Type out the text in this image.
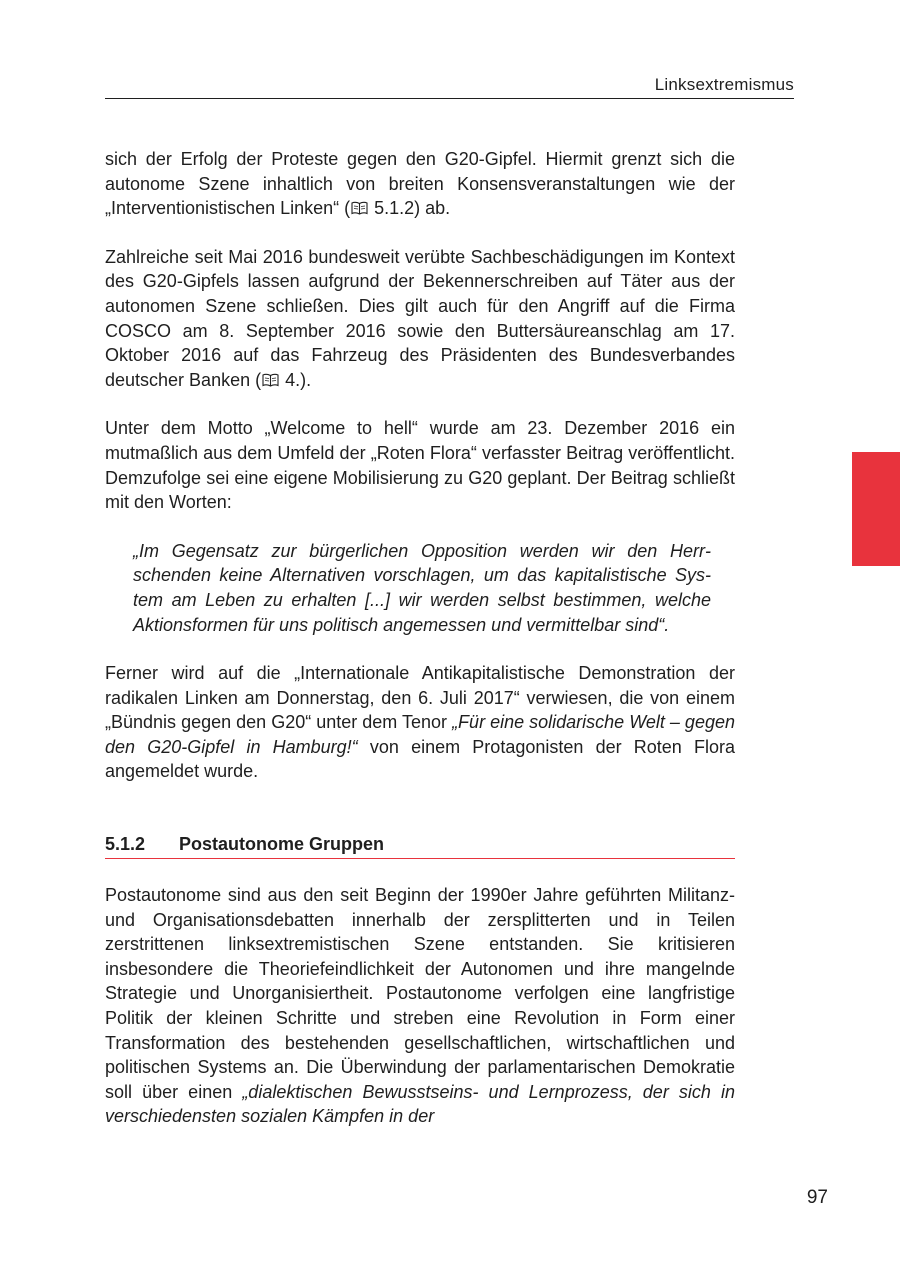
Linksextremismus

sich der Erfolg der Proteste gegen den G20-Gipfel. Hiermit grenzt sich die autonome Szene inhaltlich von breiten Konsensveranstaltungen wie der „Interventionistischen Linken“ ( 5.1.2) ab.

Zahlreiche seit Mai 2016 bundesweit verübte Sachbeschädigungen im Kontext des G20-Gipfels lassen aufgrund der Bekennerschreiben auf Täter aus der autonomen Szene schließen. Dies gilt auch für den Angriff auf die Firma COSCO am 8. September 2016 sowie den Buttersäureanschlag am 17. Oktober 2016 auf das Fahrzeug des Präsidenten des Bundesverbandes deutscher Banken ( 4.).

Unter dem Motto „Welcome to hell“ wurde am 23. Dezember 2016 ein mutmaßlich aus dem Umfeld der „Roten Flora“ verfasster Beitrag veröffentlicht. Demzufolge sei eine eigene Mobilisierung zu G20 geplant. Der Beitrag schließt mit den Worten:

„Im Gegensatz zur bürgerlichen Opposition werden wir den Herrschenden keine Alternativen vorschlagen, um das kapitalistische System am Leben zu erhalten [...] wir werden selbst bestimmen, welche Aktionsformen für uns politisch angemessen und vermittelbar sind“.

Ferner wird auf die „Internationale Antikapitalistische Demonstration der radikalen Linken am Donnerstag, den 6. Juli 2017“ verwiesen, die von einem „Bündnis gegen den G20“ unter dem Tenor „Für eine solidarische Welt – gegen den G20-Gipfel in Hamburg!“ von einem Protagonisten der Roten Flora angemeldet wurde.

5.1.2	Postautonome Gruppen

Postautonome sind aus den seit Beginn der 1990er Jahre geführten Militanz- und Organisationsdebatten innerhalb der zersplitterten und in Teilen zerstrittenen linksextremistischen Szene entstanden. Sie kritisieren insbesondere die Theoriefeindlichkeit der Autonomen und ihre mangelnde Strategie und Unorganisiertheit. Postautonome verfolgen eine langfristige Politik der kleinen Schritte und streben eine Revolution in Form einer Transformation des bestehenden gesellschaftlichen, wirtschaftlichen und politischen Systems an. Die Überwindung der parlamentarischen Demokratie soll über einen „dialektischen Bewusstseins- und Lernprozess, der sich in verschiedensten sozialen Kämpfen in der

97
